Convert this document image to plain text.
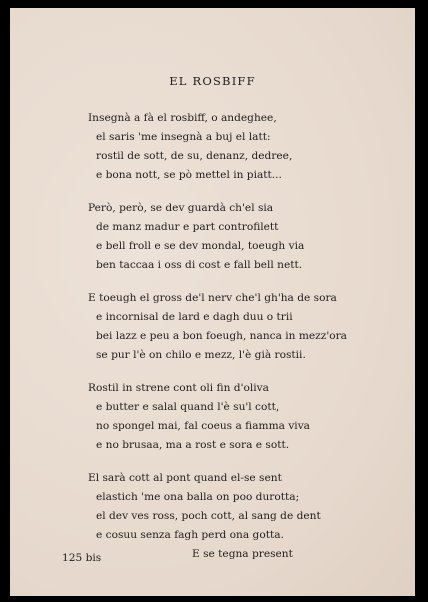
EL ROSBIFF
Insegnà a fà el rosbiff, o andeghee,
el saris 'me insegnà a buj el latt:
rostil de sott, de su, denanz, dedree,
e bona nott, se pò mettel in piatt...
Però, però, se dev guardà ch'el sia
de manz madur e part controfilett
e bell froll e se dev mondal, toeugh via
ben taccaa i oss di cost e fall bell nett.
E toeugh el gross de'l nerv che'l gh'ha de sora
e incornisal de lard e dagh duu o trii
bei lazz e peu a bon foeugh, nanca in mezz'ora
se pur l'è on chilo e mezz, l'è già rostii.
Rostil in strene cont oli fin d'oliva
e butter e salal quand l'è su'l cott,
no spongel mai, fal coeus a fiamma viva
e no brusaa, ma a rost e sora e sott.
El sarà cott al pont quand el-se sent
elastich 'me ona balla on poo durotta;
el dev ves ross, poch cott, al sang de dent
e cosuu senza fagh perd ona gotta.
E se tegna present
125 bis
